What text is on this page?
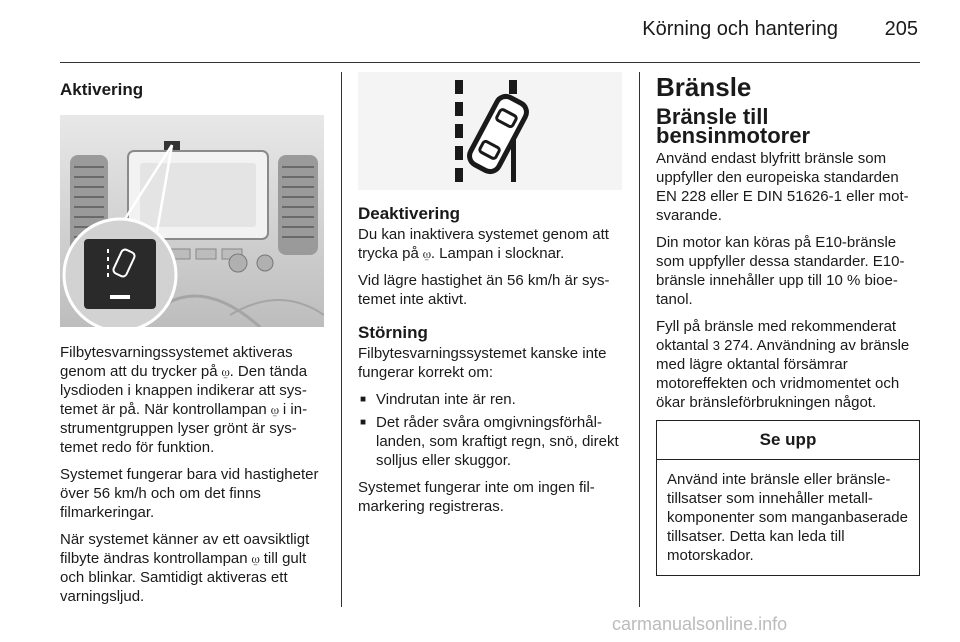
Körning och hantering 205
Aktivering

Filbytesvarningssystemet aktiveras genom att du trycker på ⍹. Den tända lysdioden i knappen indikerar att systemet är på. När kontrollampan ⍹ i instrumentgruppen lyser grönt är systemet redo för funktion.

Systemet fungerar bara vid hastigheter över 56 km/h och om det finns filmarkeringar.

När systemet känner av ett oavsiktligt filbyte ändras kontrollampan ⍹ till gult och blinkar. Samtidigt aktiveras ett varningsljud.

Deaktivering

Du kan inaktivera systemet genom att trycka på ⍹. Lampan i slocknar.

Vid lägre hastighet än 56 km/h är systemet inte aktivt.

Störning

Filbytesvarningssystemet kanske inte fungerar korrekt om:

■ Vindrutan inte är ren.
■ Det råder svåra omgivningsförhållanden, som kraftigt regn, snö, direkt solljus eller skuggor.

Systemet fungerar inte om ingen filmarkering registreras.

Bränsle
Bränsle till bensinmotorer

Använd endast blyfritt bränsle som uppfyller den europeiska standarden EN 228 eller E DIN 51626-1 eller motsvarande.

Din motor kan köras på E10-bränsle som uppfyller dessa standarder. E10-bränsle innehåller upp till 10 % bioetanol.

Fyll på bränsle med rekommenderat oktantal 3 274. Användning av bränsle med lägre oktantal försämrar motoreffekten och vridmomentet och ökar bränsleförbrukningen något.

Se upp
Använd inte bränsle eller bränsletillsatser som innehåller metallkomponenter som manganbaserade tillsatser. Detta kan leda till motorskador.
carmanualsonline.info
